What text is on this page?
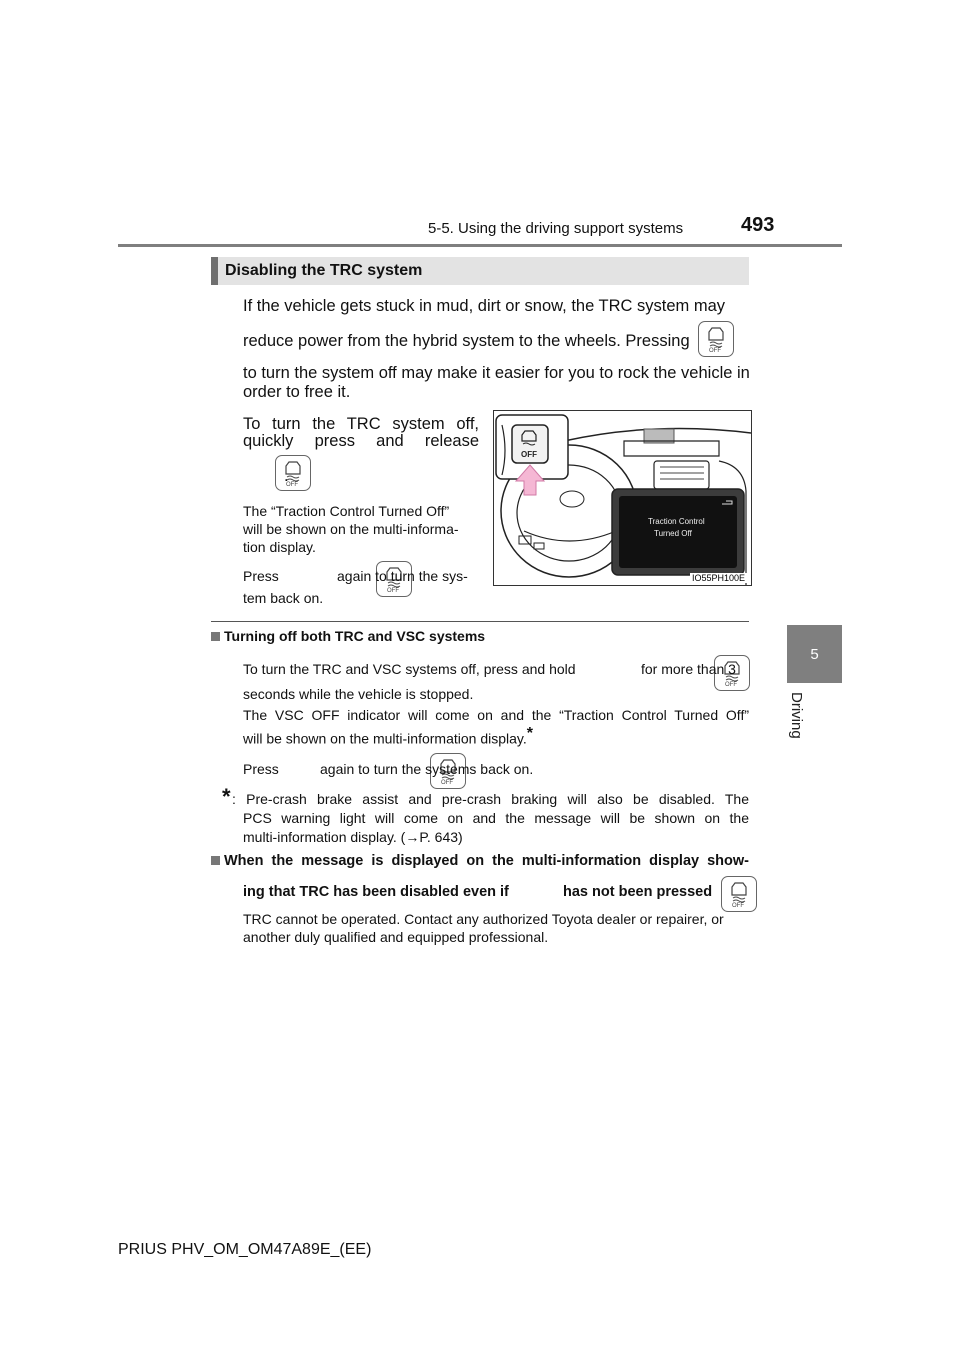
5-5. Using the driving support systems	493
5
Driving
Disabling the TRC system
If the vehicle gets stuck in mud, dirt or snow, the TRC system may
reduce power from the hybrid system to the wheels. Pressing
OFF

to turn the system off may make it easier for you to rock the vehicle in
order to free it.
To turn the TRC system off,
quickly press and release
OFF

.
The “Traction Control Turned Off”
will be shown on the multi-informa-
tion display.
Press
OFF

again to turn the sys-
tem back on.
Traction Control
Turned Off
OFF
IO55PH100E
Turning off both TRC and VSC systems
To turn the TRC and VSC systems off, press and hold
OFF

for more than 3
seconds while the vehicle is stopped.
The VSC OFF indicator will come on and the “Traction Control Turned Off”
will be shown on the multi-information display.*
Press
OFF

again to turn the systems back on.
* : Pre-crash brake assist and pre-crash braking will also be disabled. The
PCS warning light will come on and the message will be shown on the
multi-information display. (→P. 643)
When the message is displayed on the multi-information display show-
ing that TRC has been disabled even if
OFF
has not been pressed
TRC cannot be operated. Contact any authorized Toyota dealer or repairer, or
another duly qualified and equipped professional.
PRIUS PHV_OM_OM47A89E_(EE)
